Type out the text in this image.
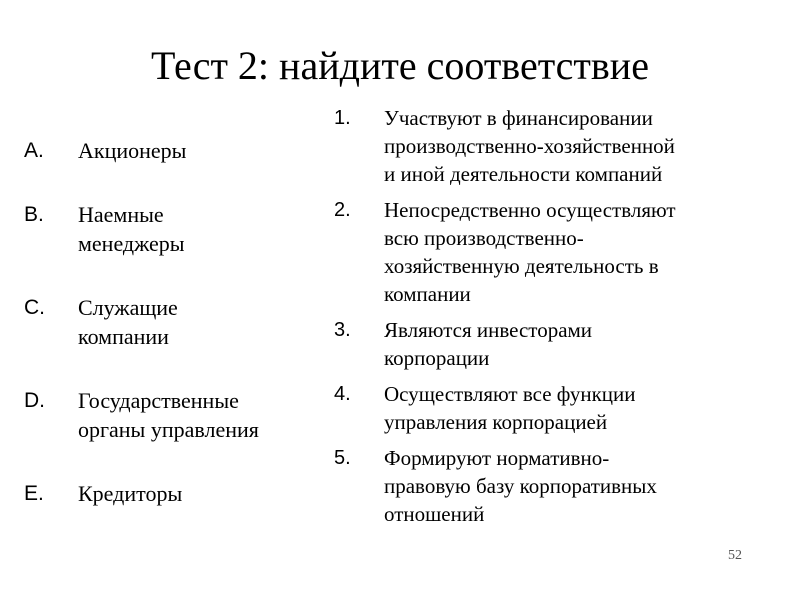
Тест 2: найдите соответствие
A.	Акционеры
B.	Наемные
менеджеры
C.	Служащие
компании
D.	Государственные
органы управления
E.	Кредиторы
1.	Участвуют в финансировании
производственно-хозяйственной
и иной деятельности компаний
2.	Непосредственно осуществляют
всю производственно-
хозяйственную деятельность в
компании
3.	Являются инвесторами
корпорации
4.	Осуществляют все функции
управления корпорацией
5.	Формируют нормативно-
правовую базу корпоративных
отношений
52
